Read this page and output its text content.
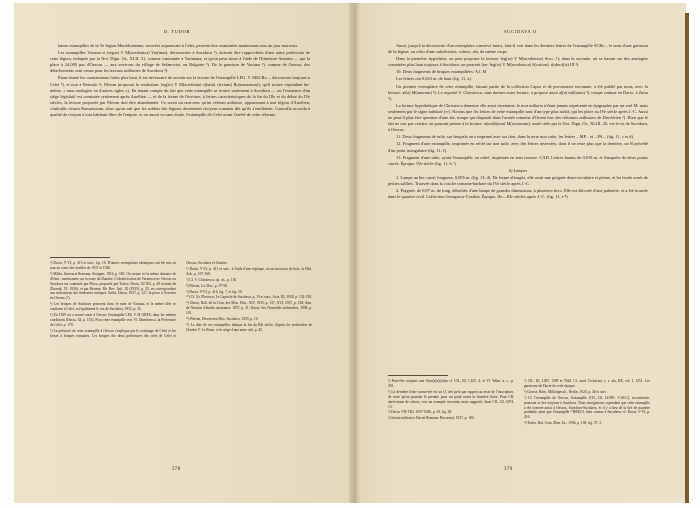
D. TUDOR

laines estampilles de la Ve légion Macédonienne, trouvées auparavant à Celei, peuvent être examinées maintenant sous un jour nouveau.

Les estampilles Variana et (tegas) V M(acedonica) Var(inas), découvertes à Sucidava ¹), doivent être rapprochées d'une autre préfecture de cette légion, indiquée par la Not. Dign. Or., XLII, 31, comme cantonnée à Variniana, et qu'on peut situer à l'aide de l'Itinéraire Antonin — qui la place à 24.000 pas d'Oescus — aux environs du village de Selanovtzi, en Bulgarie ²). De la garnison de Variana ³), comme de Oescus, des détachements sont venus pour les travaux militaires de Sucidava ⁴).

Étant donné les constatations faites plus haut, il est nécessaire de revenir sur la lecture de l'estampille LEG. V. MSCRo..., découverte toujours à Celei ⁵), et non à Romula ⁶). Pârvan proposait la restitution: leg(io) V M(acedonia) s(haln) c(ivium) Ro(manorum)), qu'il trouve cependant lui-même, « sans analogies en d'autres sigles »). En tenant compte du fait que cette estampille se trouve seulement à Sucidava — où l'existence d'un siège législatif est constatée seulement après Aurélien — et de la forme de l'écriture, à lettres caractéristiques de la fin du IIIe et du début du IVe siècles, la lecture proposée par Pârvan doit être abandonnée. Ce serait un non-sens qu'un vétéran militaire, appartenant à une légion d'Aurélien, s'intitulât civium Romanorum, alors qu'on sait que les soldats des légions devenaient citoyens romains dès qu'ils s'enrôlaient. Caracalla accorda à qualité de citoyen à tout habitant libre de l'empire, et on aurait vu sans doute, l'estampille de Celei avant l'arrêté de cette réforme.

¹) Dacia, V-VI, p. 413 et suiv., fig. 10. D'autres exemplaires identiques ont été mis en jour au cours des fouilles de 1937 et 1940.

²) Miller, Itineraria Romana, Stuttgart, 1916, p. 583. On trouve ici la même distance de 20 km., mentionnée sur la route du Danube. L'identification de Variana avec Oescus ou Sucidava est contestée par Filow, proposée par Tafrov, Dacia, XI-XII, p. 29 (extrait de Zbornik, VI, 1926), et par Bronne, Rh. Rev. Ital., XI (1935), p. 25, en correspondant aux indications des itinéraires antiques. Enfin, Dacia, 1937, p. 127, la place à Ostroeni en Oescus (?).

³) Les briques de Sucidava prouvent donc le nom de Variana, et la même idée se confirme à Celei, est également le cas de Sucidava, 1933, p. 25.

⁴) En 1939 on a trouvé aussi à Oescus l'estampille LEG V M ORES, dans les mêmes conditions (Dacia, XI, p. 152). Pour cette estampille voir Vl. Dumitrescu, la Prefecture de Celei, p. 170.

⁵) La présence de cette estampille à Oescus s'explique par le voisinage de Celei et les fosses à briques romaines. Les briques des deux préfectures des cités de Celei et Oescus, Sucidava et d'autres.

⁶) Dacia, V-VI, p. 411 et suiv., à l'aide d'une réplique, en un morceau de bois, et Hist. Arh., p. 167-168.

⁷) Cf. V. Christescu, op. cit., p. 130.

⁸) Pârvan, Ist. Dac., p. 97-98.

⁹) Dacia, V-VI, p. 414, fig. 7, et fig. 10.

¹⁰) Cf. Gr. Florescu, Le Capitole de Sucidava, p. 19 et suiv., Acta, III, 1928, p. 152-158.

¹¹) Dacia, Bull. de la Com. des Mon. Hist., XIV, 1935, p. 137; XVI, 1937, p. 138; Ann. de l'Institut d'études anciennes, 1937, p. 21; Dacia, Ses Nouvelles recherches, 1938, p. 101.

¹²) Pârvan, Descrierea Mus. Sucidava, 1935, p. 10.

¹³) La date de ces estampilles indique la fin du IIIe siècle, d'après les recherches de Charles V. Le Roux, et le siège d'une autre cité, p. 45.

378
SUCIDAVA II

Aussi, jusqu'à la découverte d'un exemplaire conservé intact, faut-il voir dans les derniers lettres de l'estampille SCRo... le nom d'une garnison de la légion, ou celui d'une subdivision, cohors, ala, du même corps.

Dans la première hypothèse, on peut proposer la lecture: leg(io) V M(acedonica) Scro...¹); dans la seconde, on se basant sur des analogies constatées plus haut toujours à Sucidava, on pourrait lire: leg(io) V M(acedonica) S(cution), r(ubro)(is) III ²).

10. Deux fragments de briques estampillées: A1. M

Les lettres ont 0,023 m. de haut (fig. 11, a).

Un premier exemplaire de cette estampille, faisant partie de la collection Capsa et de provenance inconnue, a été publié par nous, avec la lecture: al(a) M(anorum) ³). Le regretté V. Christescu, sans donner notre lecture, a proposé aussi al(a) mi(liaria) ⁴), troupe connue en Dacie, à Zatra ⁵).

La lecture hypothétique de Christescu demeure elle aussi incertaine, le mot miliaria n'étant jamais représenté en épigraphie par un seul M, mais seulement par le signe habituel (∞). Notons que les lettres de cette estampille sont d'un type plus tardif, qui les place au IVe siècle après J.-C. Aussi ne peut-il plus être question d'une ala, troupe qui disparaît dans l'armée romaine d'Orient lors des réformes militaires de Dioclétien ⁶). Bien que le fait ne soit pas certain, on pourrait penser à la lecture: a(uxi)l(ium) M(oesiacum), unité citée par la Not. Dign. Or., XLIII, 26, vis-à-vis de Sucidava, à Oescus.

11. Deux fragments de tuile, sur lesquels on a imprimé avec un clou, dans la terre non cuite, les lettres ...MP... et ...PA... (fig. 11, c et d).

12. Fragment d'une estampille, imprimée en relief sur une tuile, avec des lettres inversées, dont il ne reste plus que la dernière, un R précédé d'un point triangulaire (fig. 11, f).

13. Fragment d'une tuile, ayant l'estampille, en relief, imprimée en sens inverse: CAD. Lettres hautes de 0,018 m. et flanquées de deux points carrés. Époque, IVe siècle (fig. 11, b ⁷).

b) Lampes

1. Lampe au bec carré; longueur, 0,095 m. (fig. 13, d). De forme allongée, elle avait une poignée demi-circulaire et pleine, et les bords ornés de petites saillies. Trouvée dans la couche romaine-barbare du IVe siècle après J.-C.

2. Poignée, de 0,07 m. de long, détachée d'une lampe de grandes dimensions, à plusieurs becs. Elle est décorée d'une palmette, et a été trouvée dans le quartier civil. Collection Georgescu-Corabia. Époque, IIe—IIIe siècles après J.-C. (fig. 11, e ⁸).

¹) Peut-être toujours une S(cut)i(a)r(u)m cf. CIL, III, 1,615, 4, et Vl. Wilm. n. c., p. 581.

²) La dernière lettre conservée est un O, très petit par rapport au reste de l'inscription, de sorte qu'on pourrait le prendre pour un point avant la dernière lettre. Pour CR, abréviation de cohors, voir un exemple incertain, mais suggestif, dans CIL, III, 6074, 13.

³) Dacia, VII-VIII, 1937-1940, p. 39, fig. 29.

⁴) Istoria militară a Daciei Romane, București, 1937, p. 180.

⁵) CIL, III, 1385, 1589 et 7644. Cf. aussi Cichorius, s. v. ala, RE, vol. I, 1251. Les garnisons de Dacie de cette époque.

⁶) Grosse, Röm. Militärgesch., Berlin, 1920, p. 40 et suiv.

⁷) Cf. l'estampille de Oescus, l'estampille (CIL, III, 14190¹: ²CALC), reconstituée, pourront se lire toujours à Sucidava. Nous enregistrons cependant que cette estampille a été trouvée aussi à Oescus, Sucidava-Sucidava, et il y a lieu de la lire de manière probable, ainsi que l'estampille ¹⁰BRE(?), bien connue à Sucidava: cf. Dacia, V-VI, p. 416.

⁸) Tudor, Bul. Com. Mon. Ist., 1936, p. 138, fig. 57, 3.

379
